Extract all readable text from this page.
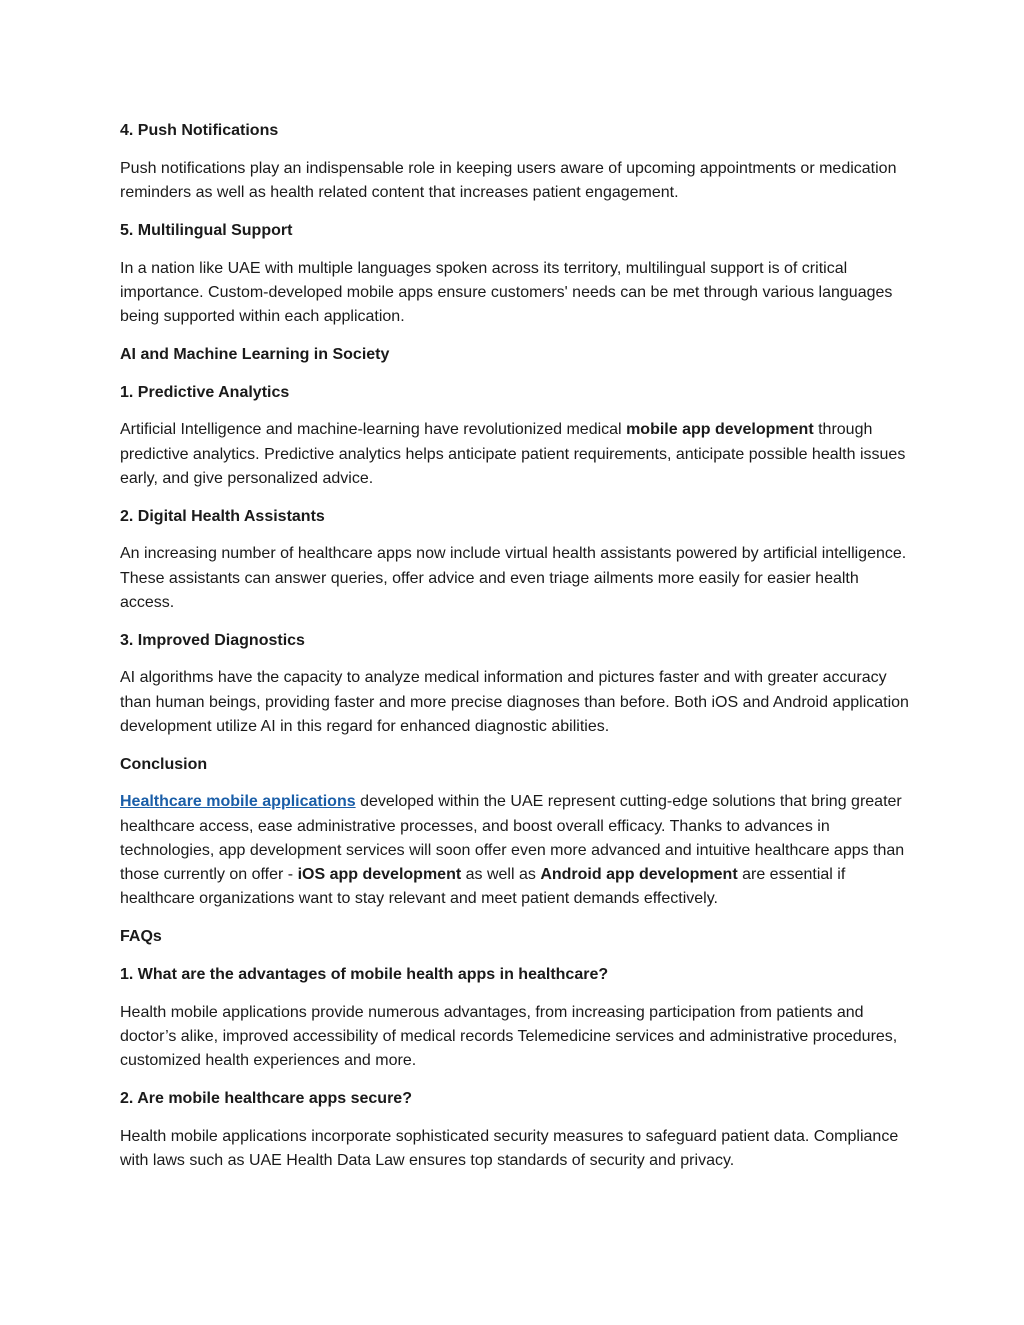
4. Push Notifications
Push notifications play an indispensable role in keeping users aware of upcoming appointments or medication reminders as well as health related content that increases patient engagement.
5. Multilingual Support
In a nation like UAE with multiple languages spoken across its territory, multilingual support is of critical importance. Custom-developed mobile apps ensure customers' needs can be met through various languages being supported within each application.
AI and Machine Learning in Society
1. Predictive Analytics
Artificial Intelligence and machine-learning have revolutionized medical mobile app development through predictive analytics. Predictive analytics helps anticipate patient requirements, anticipate possible health issues early, and give personalized advice.
2. Digital Health Assistants
An increasing number of healthcare apps now include virtual health assistants powered by artificial intelligence. These assistants can answer queries, offer advice and even triage ailments more easily for easier health access.
3. Improved Diagnostics
AI algorithms have the capacity to analyze medical information and pictures faster and with greater accuracy than human beings, providing faster and more precise diagnoses than before. Both iOS and Android application development utilize AI in this regard for enhanced diagnostic abilities.
Conclusion
Healthcare mobile applications developed within the UAE represent cutting-edge solutions that bring greater healthcare access, ease administrative processes, and boost overall efficacy. Thanks to advances in technologies, app development services will soon offer even more advanced and intuitive healthcare apps than those currently on offer - iOS app development as well as Android app development are essential if healthcare organizations want to stay relevant and meet patient demands effectively.
FAQs
1. What are the advantages of mobile health apps in healthcare?
Health mobile applications provide numerous advantages, from increasing participation from patients and doctor’s alike, improved accessibility of medical records Telemedicine services and administrative procedures, customized health experiences and more.
2. Are mobile healthcare apps secure?
Health mobile applications incorporate sophisticated security measures to safeguard patient data. Compliance with laws such as UAE Health Data Law ensures top standards of security and privacy.
